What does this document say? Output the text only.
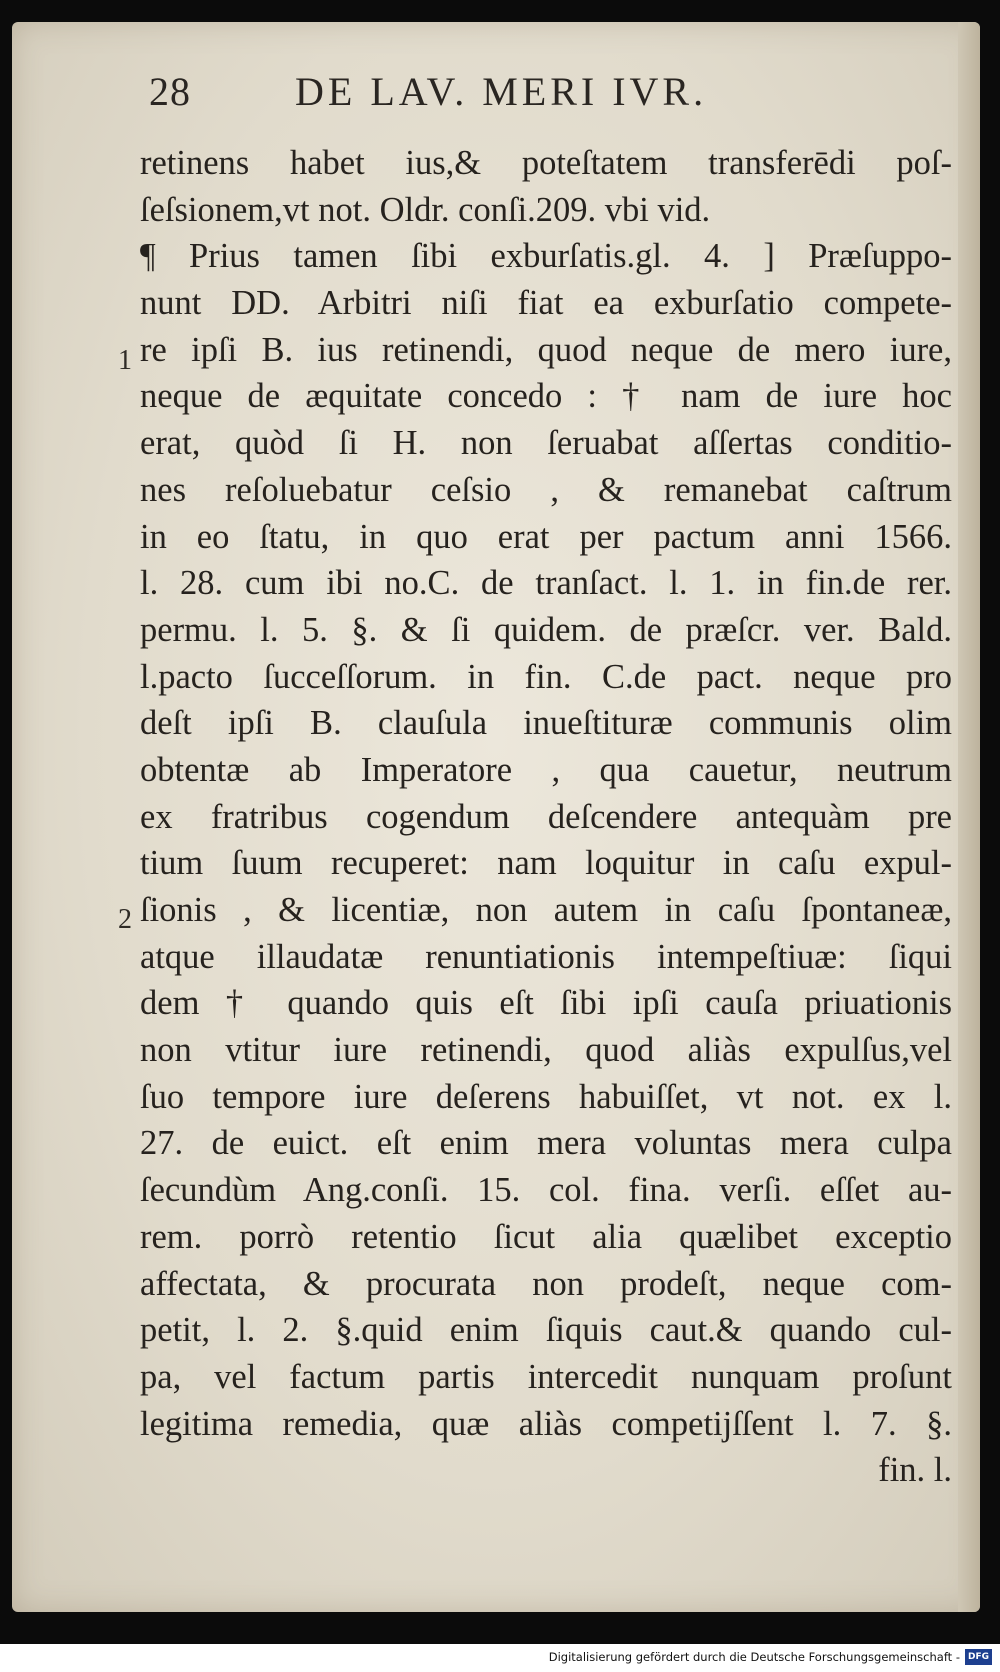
28	DE LAV. MERI IVR.
1
2
retinens habet ius,& poteſtatem transferēdi poſ-
ſeſsionem,vt not. Oldr. conſi.209. vbi vid.
¶ Prius tamen ſibi exburſatis.gl. 4. ] Præſuppo-
nunt DD. Arbitri niſi fiat ea exburſatio compete-
re ipſi B. ius retinendi, quod neque de mero iure,
neque de æquitate concedo : † nam de iure hoc
erat, quòd ſi H. non ſeruabat aſſertas conditio-
nes reſoluebatur ceſsio , & remanebat caſtrum
in eo ſtatu, in quo erat per pactum anni 1566.
l. 28. cum ibi no.C. de tranſact. l. 1. in fin.de rer.
permu. l. 5. §. & ſi quidem. de præſcr. ver. Bald.
l.pacto ſucceſſorum. in fin. C.de pact. neque pro
deſt ipſi B. clauſula inueſtituræ communis olim
obtentæ ab Imperatore , qua cauetur, neutrum
ex fratribus cogendum deſcendere antequàm pre
tium ſuum recuperet: nam loquitur in caſu expul-
ſionis , & licentiæ, non autem in caſu ſpontaneæ,
atque illaudatæ renuntiationis intempeſtiuæ: ſiqui
dem † quando quis eſt ſibi ipſi cauſa priuationis
non vtitur iure retinendi, quod aliàs expulſus,vel
ſuo tempore iure deſerens habuiſſet, vt not. ex l.
27. de euict. eſt enim mera voluntas mera culpa
ſecundùm Ang.conſi. 15. col. fina. verſi. eſſet au-
rem. porrò retentio ſicut alia quælibet exceptio
affectata, & procurata non prodeſt, neque com-
petit, l. 2. §.quid enim ſiquis caut.& quando cul-
pa, vel factum partis intercedit nunquam proſunt
legitima remedia, quæ aliàs competijſſent l. 7. §.
fin. l.
Digitalisierung gefördert durch die Deutsche Forschungsgemeinschaft - DFG
